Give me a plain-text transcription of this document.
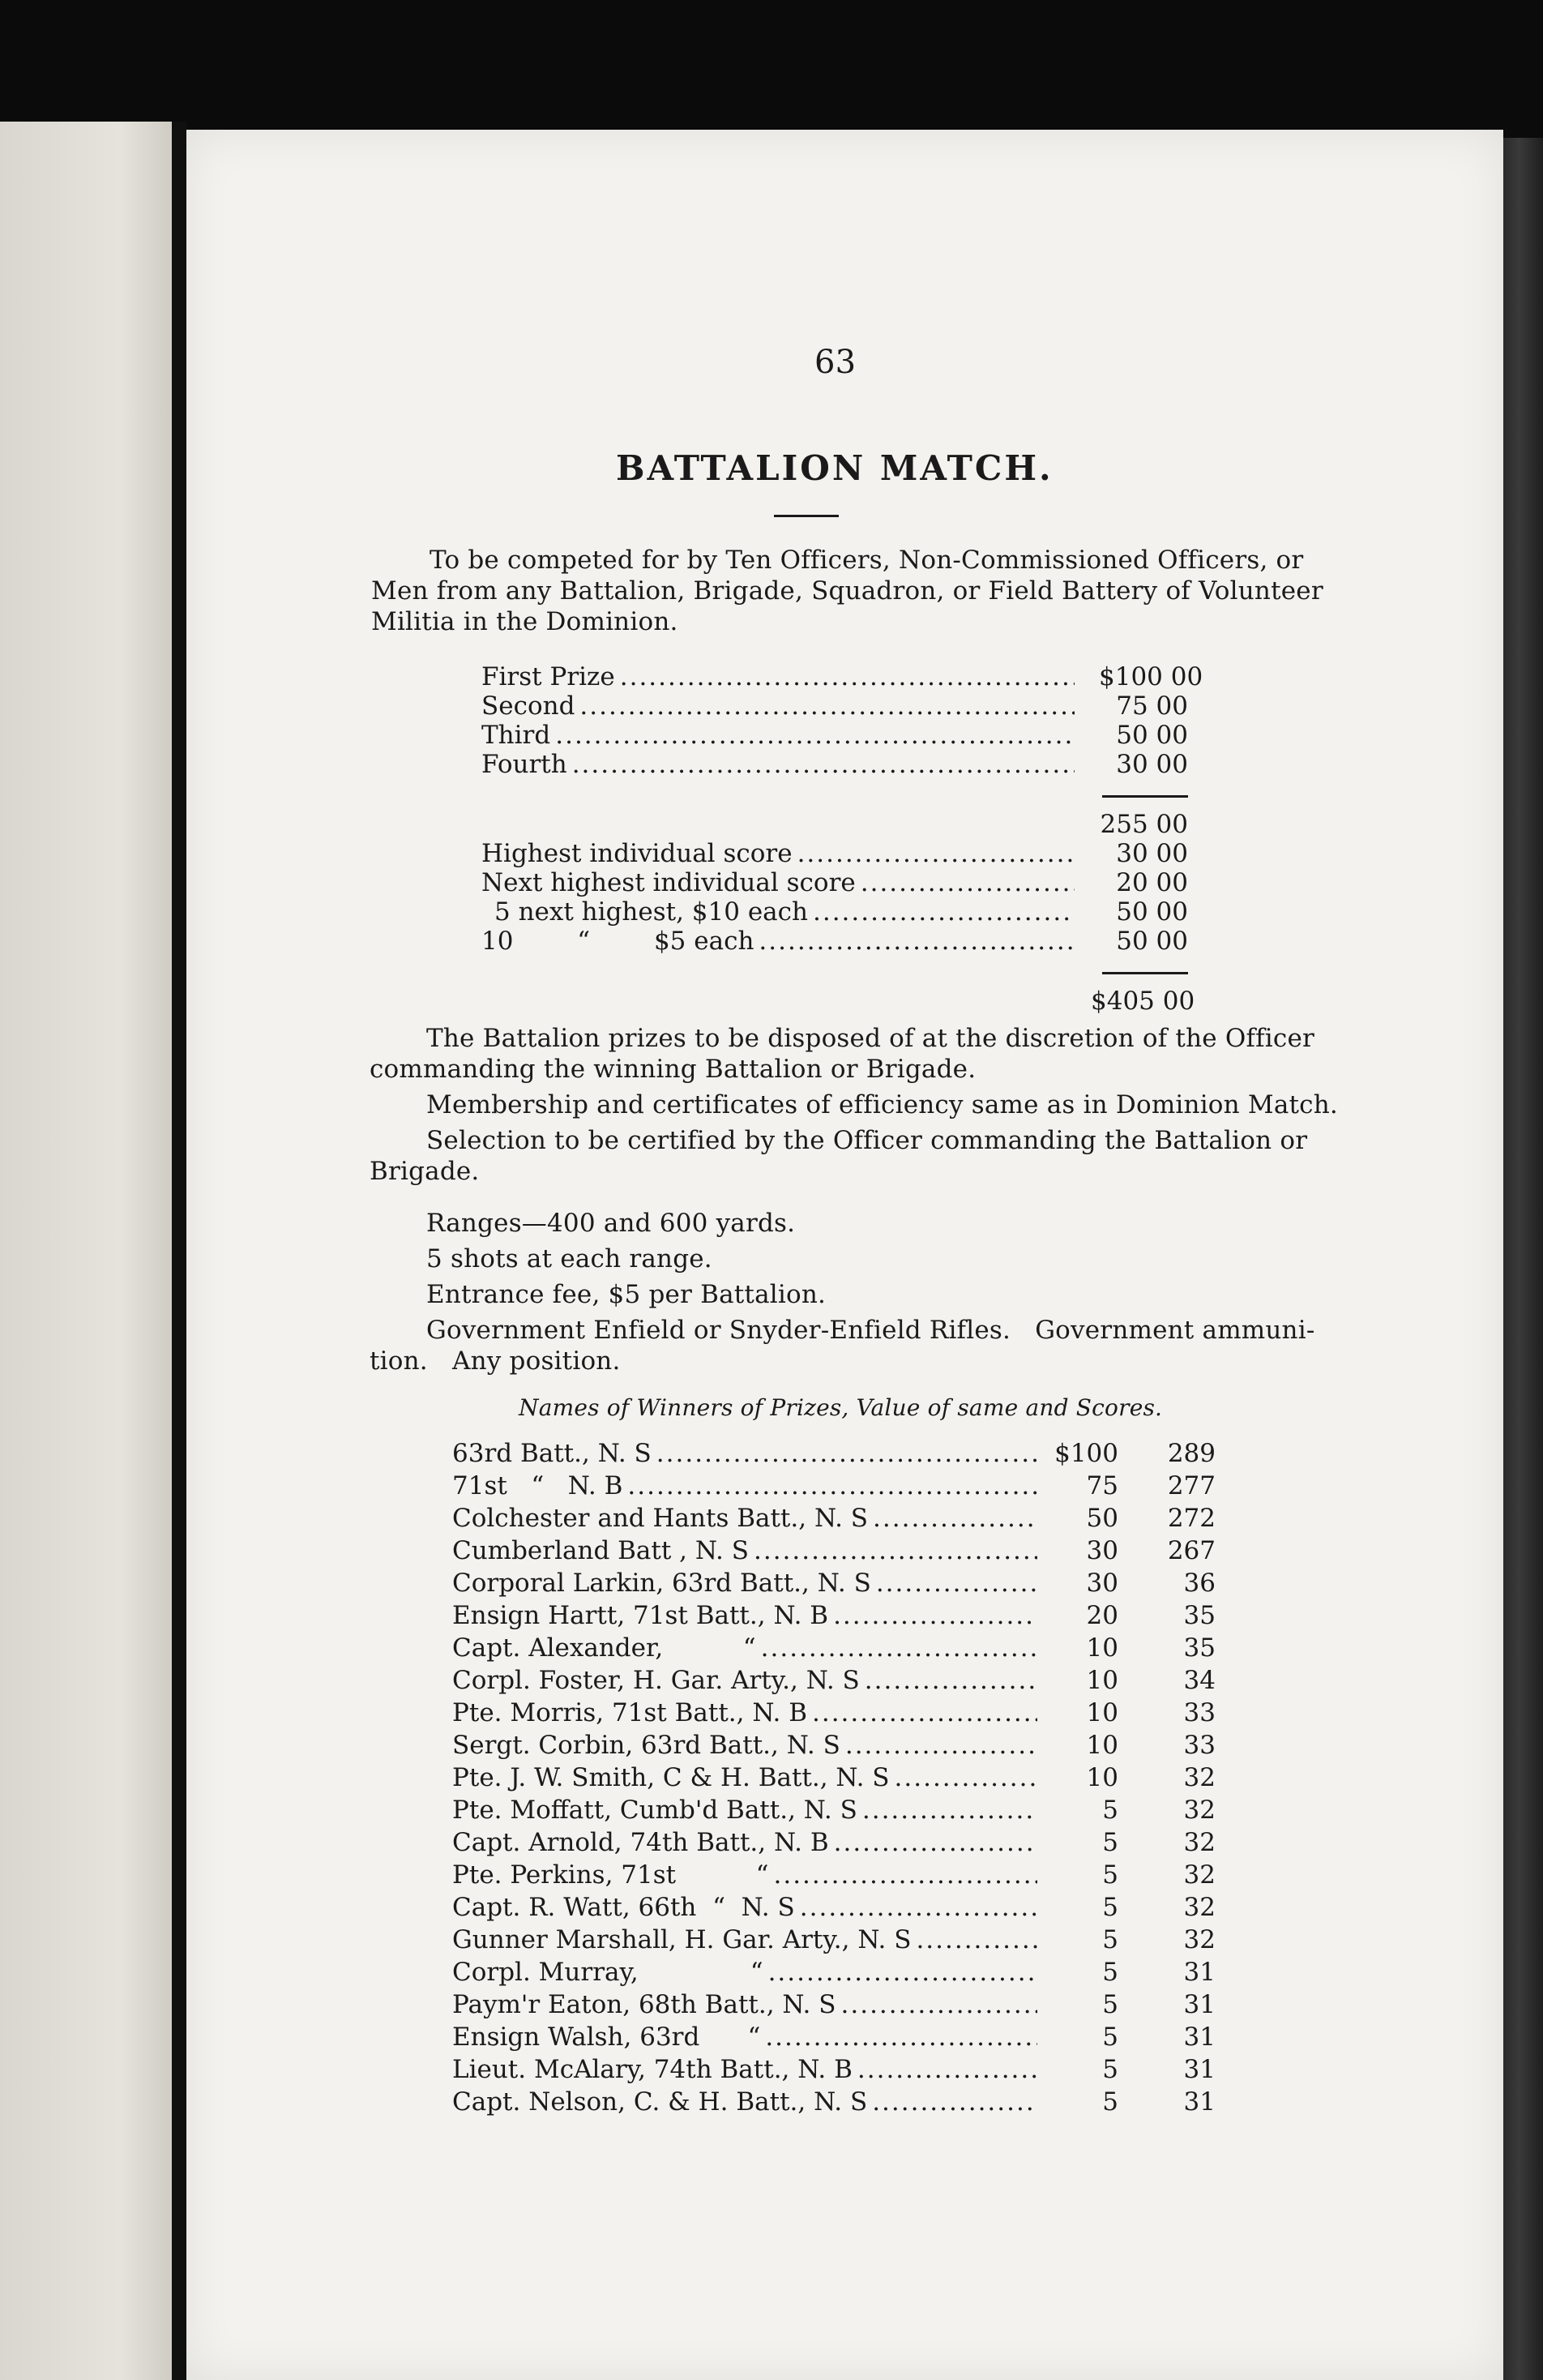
63
BATTALION MATCH.
To be competed for by Ten Officers, Non-Commissioned Officers, or
Men from any Battalion, Brigade, Squadron, or Field Battery of Volunteer
Militia in the Dominion.
First Prize .....	$100 00
Second .....	75 00
Third .....	50 00
Fourth .....	30 00
255 00
Highest individual score .....	30 00
Next highest individual score .....	20 00
5 next highest, $10 each .....	50 00
10        “        $5 each .....	50 00
$405 00
The Battalion prizes to be disposed of at the discretion of the Officer
commanding the winning Battalion or Brigade.
Membership and certificates of efficiency same as in Dominion Match.
Selection to be certified by the Officer commanding the Battalion or
Brigade.
Ranges—400 and 600 yards.
5 shots at each range.
Entrance fee, $5 per Battalion.
Government Enfield or Snyder-Enfield Rifles.   Government ammuni-
tion.   Any position.
Names of Winners of Prizes, Value of same and Scores.
63rd Batt., N. S .....	$100	289
71st   “   N. B .....	75	277
Colchester and Hants Batt., N. S .....	50	272
Cumberland Batt , N. S .....	30	267
Corporal Larkin, 63rd Batt., N. S .....	30	36
Ensign Hartt, 71st Batt., N. B .....	20	35
Capt. Alexander,          “ .....	10	35
Corpl. Foster, H. Gar. Arty., N. S .....	10	34
Pte. Morris, 71st Batt., N. B .....	10	33
Sergt. Corbin, 63rd Batt., N. S .....	10	33
Pte. J. W. Smith, C & H. Batt., N. S .....	10	32
Pte. Moffatt, Cumb'd Batt., N. S .....	5	32
Capt. Arnold, 74th Batt., N. B .....	5	32
Pte. Perkins, 71st          “ .....	5	32
Capt. R. Watt, 66th  “  N. S .....	5	32
Gunner Marshall, H. Gar. Arty., N. S .....	5	32
Corpl. Murray,              “ .....	5	31
Paym'r Eaton, 68th Batt., N. S .....	5	31
Ensign Walsh, 63rd      “ .....	5	31
Lieut. McAlary, 74th Batt., N. B .....	5	31
Capt. Nelson, C. & H. Batt., N. S .....	5	31
